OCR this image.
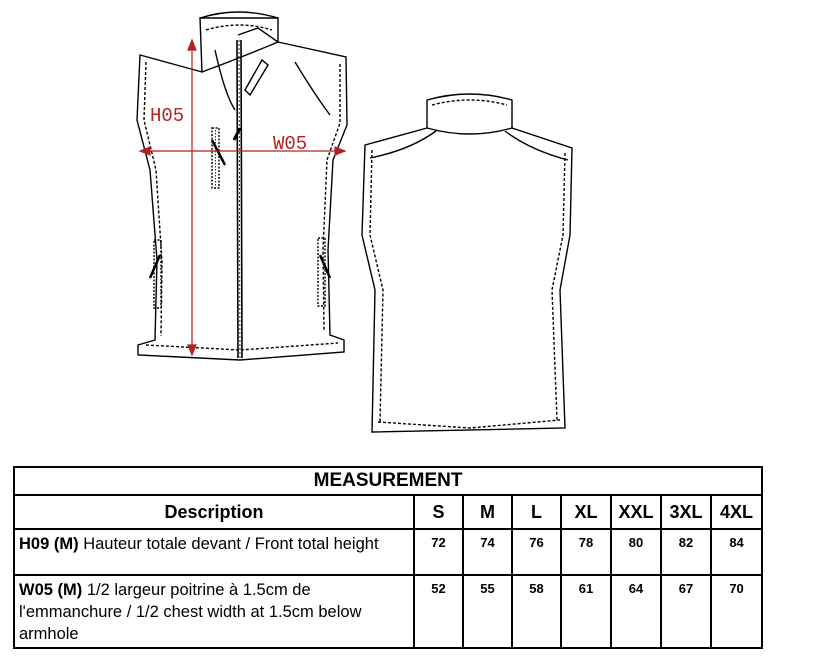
H05
W05
MEASUREMENT							
Description	S	M	L	XL	XXL	3XL	4XL
H09 (M) Hauteur totale devant / Front total height	72	74	76	78	80	82	84
W05 (M) 1/2 largeur poitrine à 1.5cm de l'emmanchure / 1/2 chest width at 1.5cm below armhole	52	55	58	61	64	67	70
